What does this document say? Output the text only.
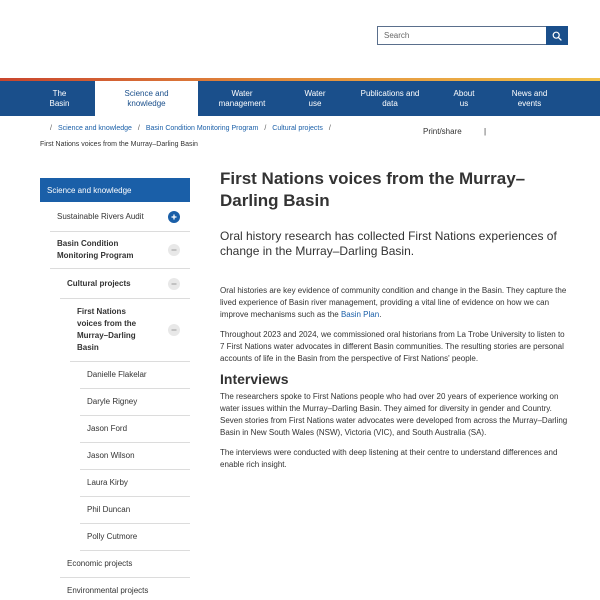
Search
The
Basin
Science and
knowledge
Water
management
Water
use
Publications and
data
About
us
News and
events
/ Science and knowledge / Basin Condition Monitoring Program / Cultural projects /
First Nations voices from the Murray–Darling Basin
Print/share	|
Science and knowledge
Sustainable Rivers Audit
Basin Condition Monitoring Program
Cultural projects
First Nations voices from the Murray–Darling Basin
Danielle Flakelar
Daryle Rigney
Jason Ford
Jason Wilson
Laura Kirby
Phil Duncan
Polly Cutmore
Economic projects
Environmental projects
First Nations voices from the Murray–Darling Basin

Oral history research has collected First Nations experiences of change in the Murray–Darling Basin.

Oral histories are key evidence of community condition and change in the Basin. They capture the lived experience of Basin river management, providing a vital line of evidence on how we can improve mechanisms such as the Basin Plan.

Throughout 2023 and 2024, we commissioned oral historians from La Trobe University to listen to 7 First Nations water advocates in different Basin communities. The resulting stories are personal accounts of life in the Basin from the perspective of First Nations' people.

Interviews

The researchers spoke to First Nations people who had over 20 years of experience working on water issues within the Murray–Darling Basin. They aimed for diversity in gender and Country. Seven stories from First Nations water advocates were developed from across the Murray–Darling Basin in New South Wales (NSW), Victoria (VIC), and South Australia (SA).

The interviews were conducted with deep listening at their centre to understand differences and enable rich insight.
